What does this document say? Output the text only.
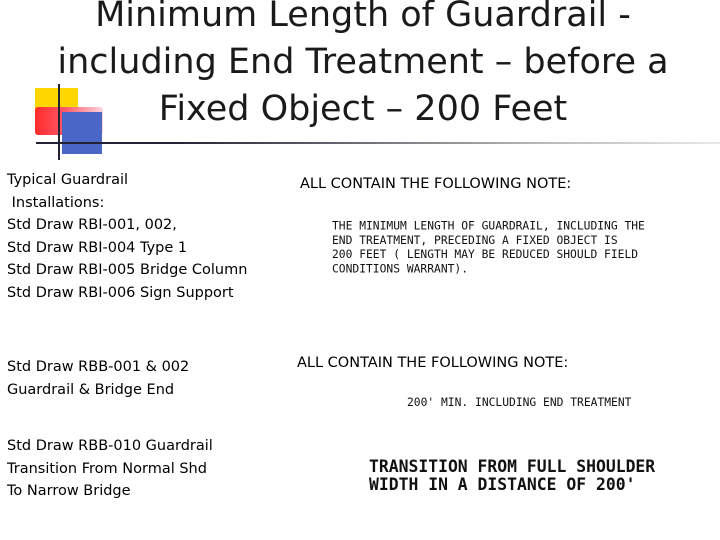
Minimum Length of Guardrail - including End Treatment – before a Fixed Object – 200 Feet
Typical Guardrail
Installations:
Std Draw RBI-001, 002,
Std Draw RBI-004 Type 1
Std Draw RBI-005 Bridge Column
Std Draw RBI-006 Sign Support
Std Draw RBB-001 & 002
Guardrail & Bridge End
Std Draw RBB-010 Guardrail
Transition From Normal Shd
To Narrow Bridge
ALL CONTAIN THE FOLLOWING NOTE:
ALL CONTAIN THE FOLLOWING NOTE:
THE MINIMUM LENGTH OF GUARDRAIL, INCLUDING THE
END TREATMENT, PRECEDING A FIXED OBJECT IS
200 FEET ( LENGTH MAY BE REDUCED SHOULD FIELD
CONDITIONS WARRANT).
200' MIN. INCLUDING END TREATMENT
TRANSITION FROM FULL SHOULDER
WIDTH IN A DISTANCE OF 200'
